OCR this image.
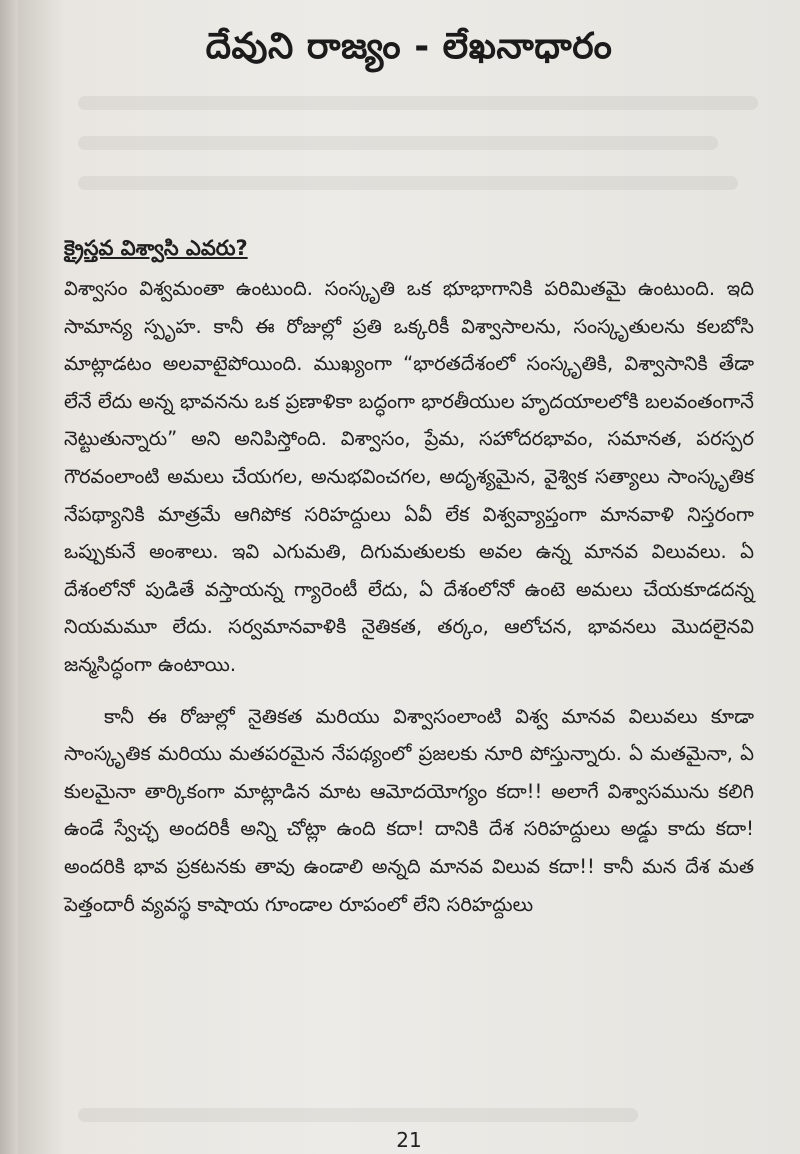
దేవుని రాజ్యం - లేఖనాధారం
క్రైస్తవ విశ్వాసి ఎవరు?

విశ్వాసం విశ్వమంతా ఉంటుంది. సంస్కృతి ఒక భూభాగానికి పరిమితమై ఉంటుంది. ఇది సామాన్య స్పృహ. కానీ ఈ రోజుల్లో ప్రతి ఒక్కరికీ విశ్వాసాలను, సంస్కృతులను కలబోసి మాట్లాడటం అలవాటైపోయింది. ముఖ్యంగా “భారతదేశంలో సంస్కృతికి, విశ్వాసానికి తేడా లేనే లేదు అన్న భావనను ఒక ప్రణాళికా బద్ధంగా భారతీయుల హృదయాలలోకి బలవంతంగానే నెట్టుతున్నారు” అని అనిపిస్తోంది. విశ్వాసం, ప్రేమ, సహోదరభావం, సమానత, పరస్పర గౌరవంలాంటి అమలు చేయగల, అనుభవించగల, అదృశ్యమైన, వైశ్విక సత్యాలు సాంస్కృతిక నేపథ్యానికి మాత్రమే ఆగిపోక సరిహద్దులు ఏవీ లేక విశ్వవ్యాప్తంగా మానవాళి నిస్తరంగా ఒప్పుకునే అంశాలు. ఇవి ఎగుమతి, దిగుమతులకు అవల ఉన్న మానవ విలువలు. ఏ దేశంలోనో పుడితే వస్తాయన్న గ్యారెంటీ లేదు, ఏ దేశంలోనో ఉంటె అమలు చేయకూడదన్న నియమమూ లేదు. సర్వమానవాళికి నైతికత, తర్కం, ఆలోచన, భావనలు మొదలైనవి జన్మసిద్ధంగా ఉంటాయి.

కానీ ఈ రోజుల్లో నైతికత మరియు విశ్వాసంలాంటి విశ్వ మానవ విలువలు కూడా సాంస్కృతిక మరియు మతపరమైన నేపథ్యంలో ప్రజలకు నూరి పోస్తున్నారు. ఏ మతమైనా, ఏ కులమైనా తార్కికంగా మాట్లాడిన మాట ఆమోదయోగ్యం కదా!! అలాగే విశ్వాసమును కలిగి ఉండే స్వేచ్ఛ అందరికీ అన్ని చోట్లా ఉంది కదా! దానికి దేశ సరిహద్దులు అడ్డు కాదు కదా! అందరికి భావ ప్రకటనకు తావు ఉండాలి అన్నది మానవ విలువ కదా!! కానీ మన దేశ మత పెత్తందారీ వ్యవస్థ కాషాయ గూండాల రూపంలో లేని సరిహద్దులు

21
